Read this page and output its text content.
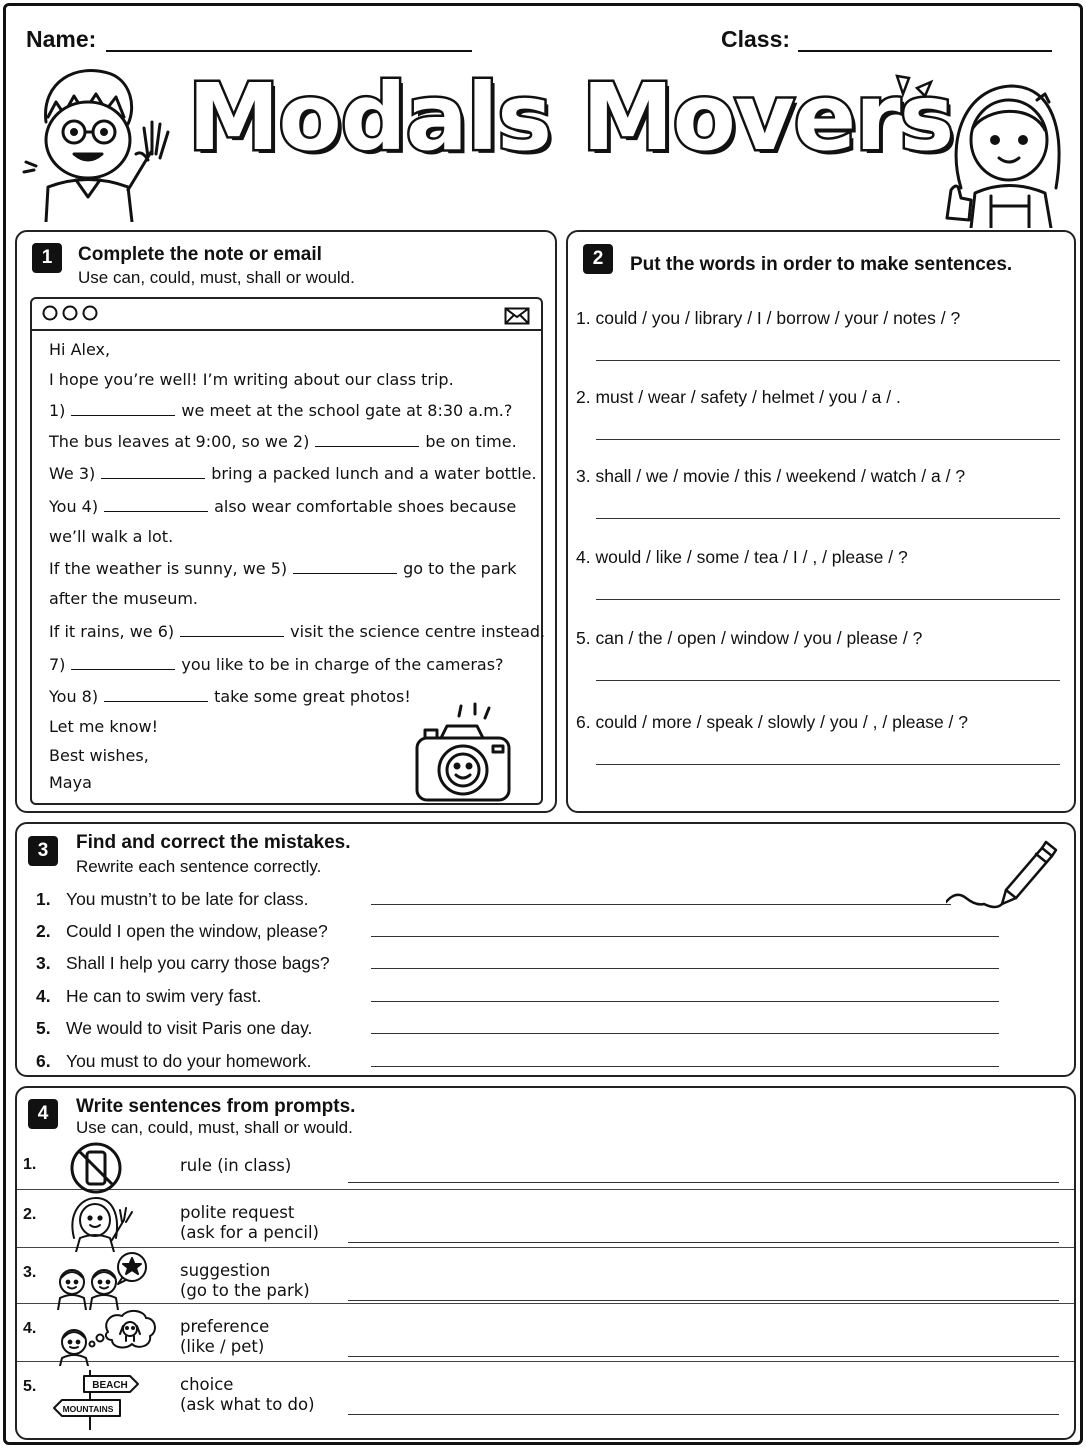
Name:	Class:
Modals Movers
1	Complete the note or email
Use can, could, must, shall or would.
Hi Alex,
I hope you’re well! I’m writing about our class trip.
1)	we meet at the school gate at 8:30 a.m.?
The bus leaves at 9:00, so we 2)	be on time.
We 3)	bring a packed lunch and a water bottle.
You 4)	also wear comfortable shoes because
we’ll walk a lot.
If the weather is sunny, we 5)	go to the park
after the museum.
If it rains, we 6)	visit the science centre instead.
7)	you like to be in charge of the cameras?
You 8)	take some great photos!
Let me know!
Best wishes,
Maya
2	Put the words in order to make sentences.
1. could / you / library / I / borrow / your / notes / ?
2. must / wear / safety / helmet / you / a / .
3. shall / we / movie / this / weekend / watch / a / ?
4. would / like / some / tea / I / , / please / ?
5. can / the / open / window / you / please / ?
6. could / more / speak / slowly / you / , / please / ?
3	Find and correct the mistakes.
Rewrite each sentence correctly.
1. You mustn’t to be late for class.
2. Could I open the window, please?
3. Shall I help you carry those bags?
4. He can to swim very fast.
5. We would to visit Paris one day.
6. You must to do your homework.
4	Write sentences from prompts.
Use can, could, must, shall or would.
1.	rule (in class)
2.	polite request
(ask for a pencil)
3.	suggestion
(go to the park)
4.	preference
(like / pet)
5.	choice
(ask what to do)
BEACH
MOUNTAINS
